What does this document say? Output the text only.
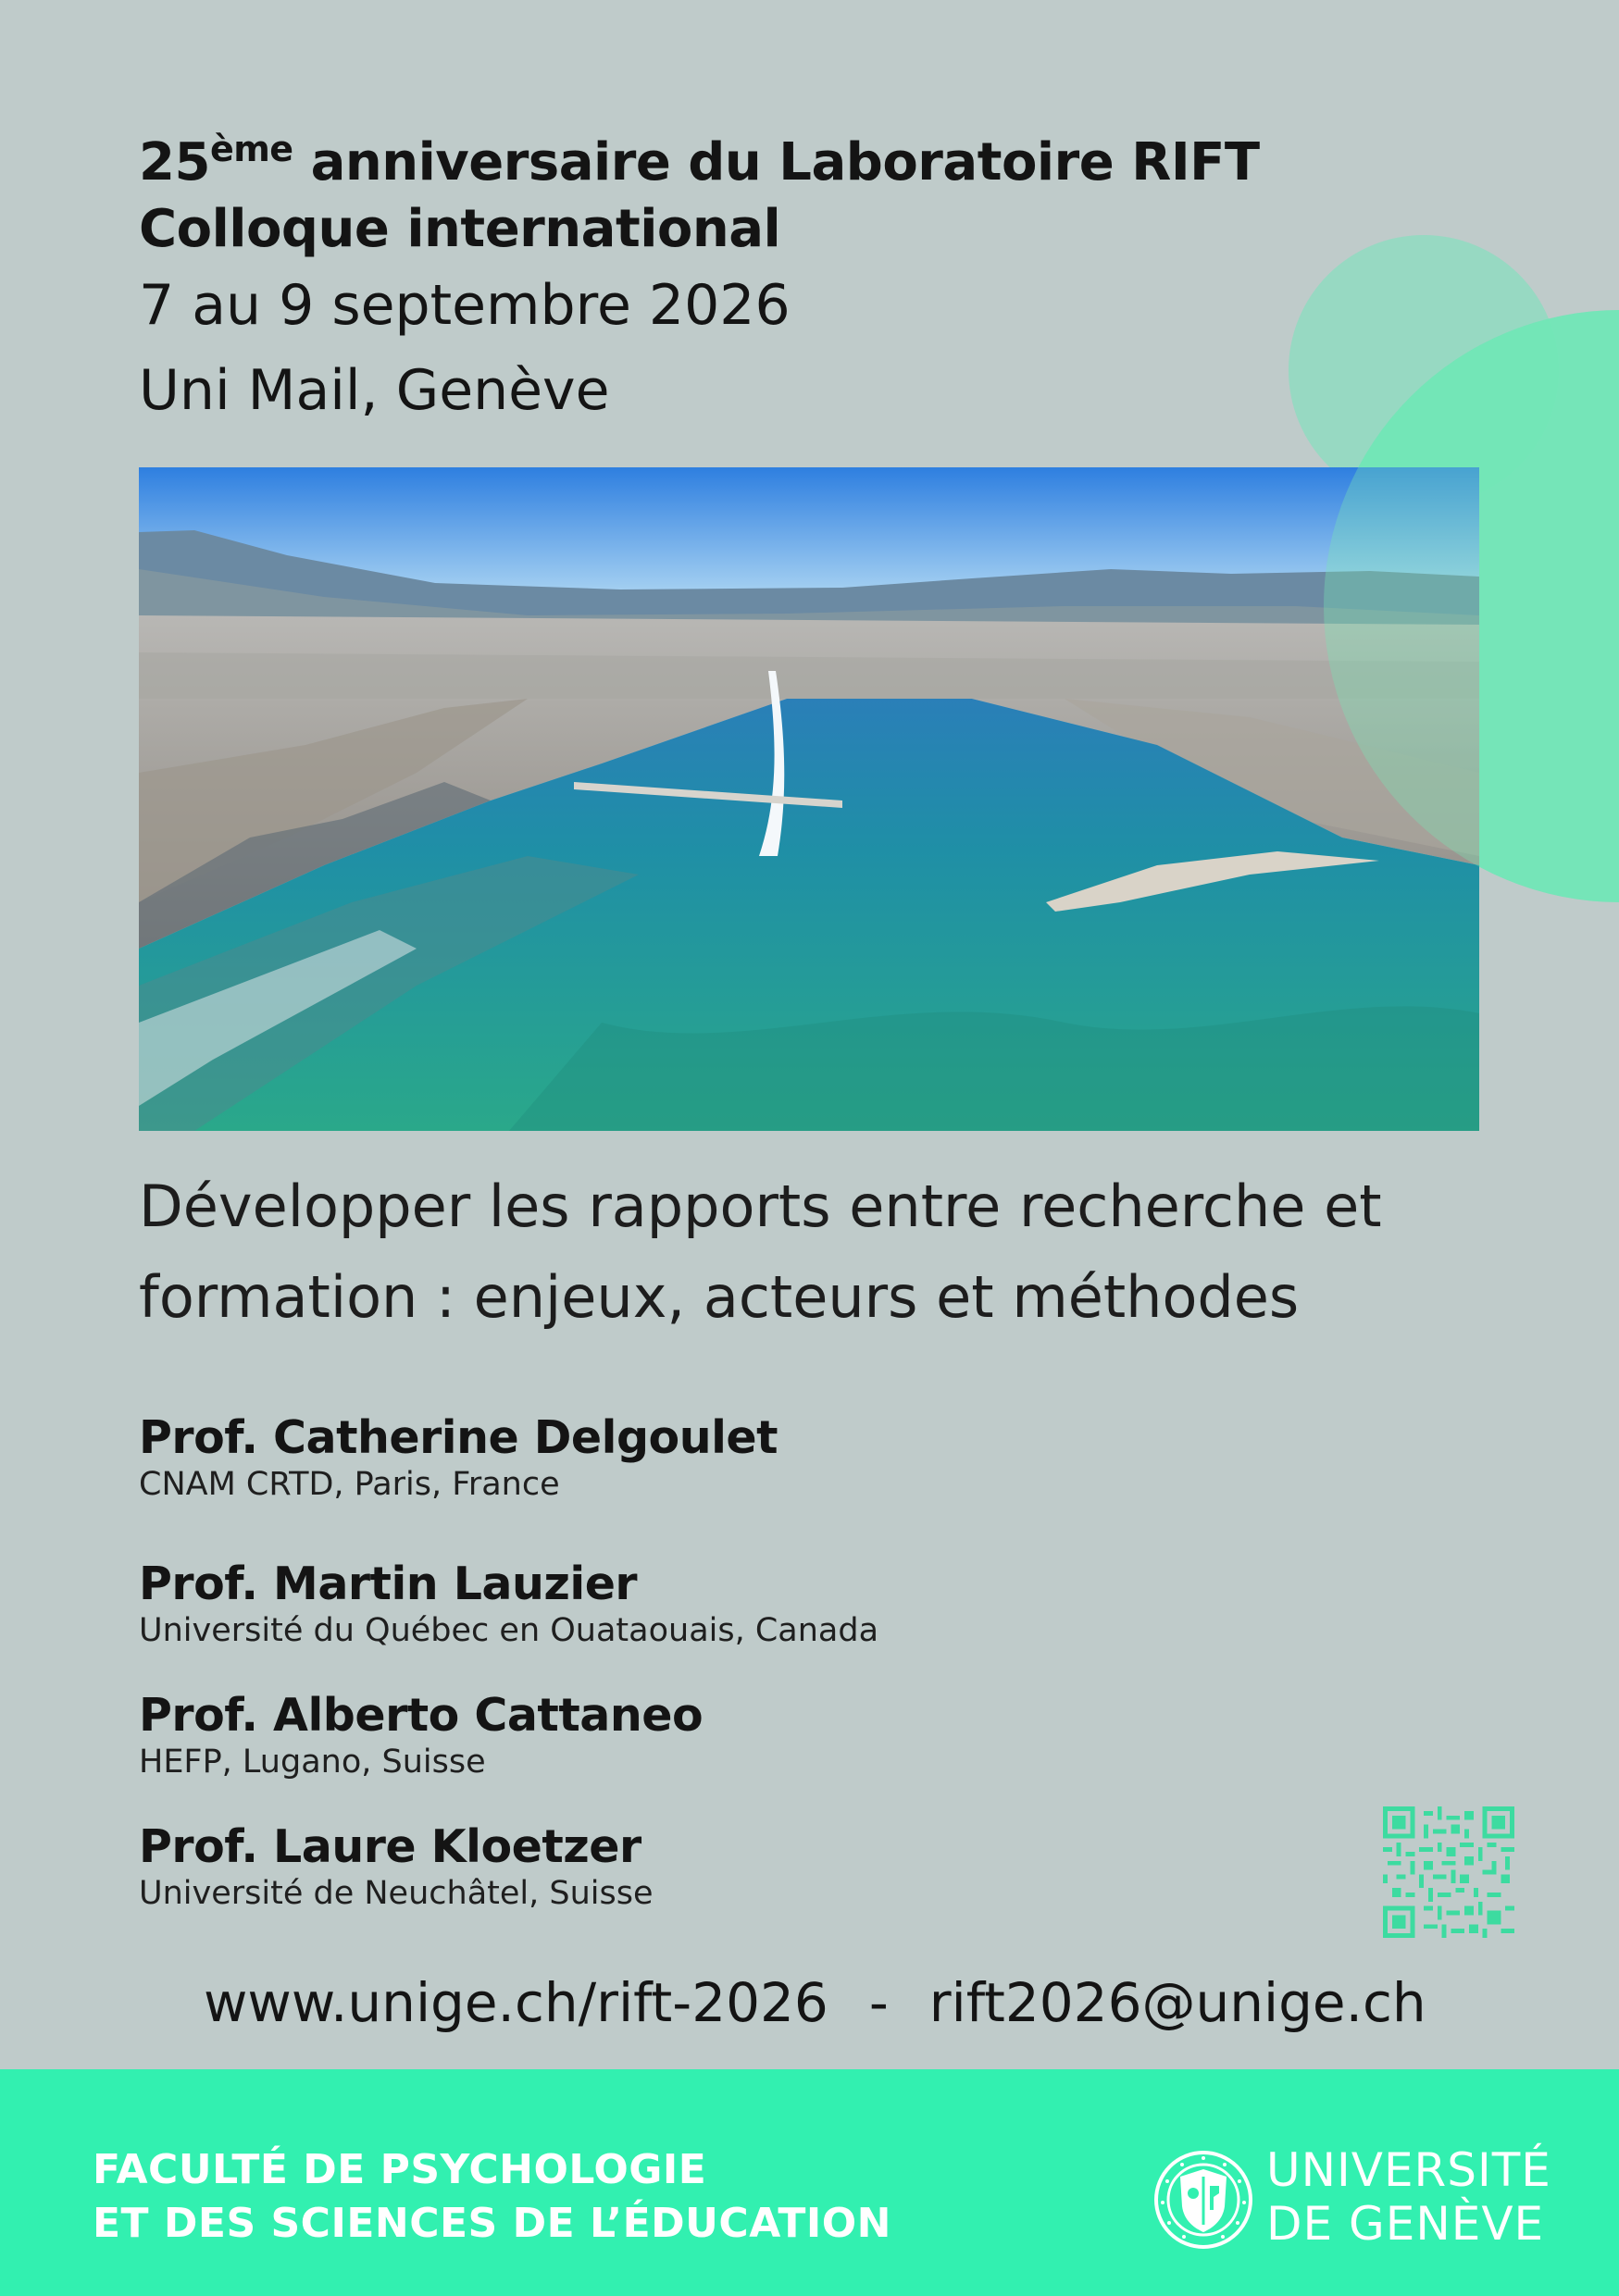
25ème anniversaire du Laboratoire RIFT
Colloque international
7 au 9 septembre 2026
Uni Mail, Genève
Développer les rapports entre recherche et
formation : enjeux, acteurs et méthodes
Prof. Catherine Delgoulet
CNAM CRTD, Paris, France
Prof. Martin Lauzier
Université du Québec en Ouataouais, Canada
Prof. Alberto Cattaneo
HEFP, Lugano, Suisse
Prof. Laure Kloetzer
Université de Neuchâtel, Suisse
www.unige.ch/rift-2026 - rift2026@unige.ch
FACULTÉ DE PSYCHOLOGIE
ET DES SCIENCES DE L’ÉDUCATION
UNIVERSITÉ
DE GENÈVE
